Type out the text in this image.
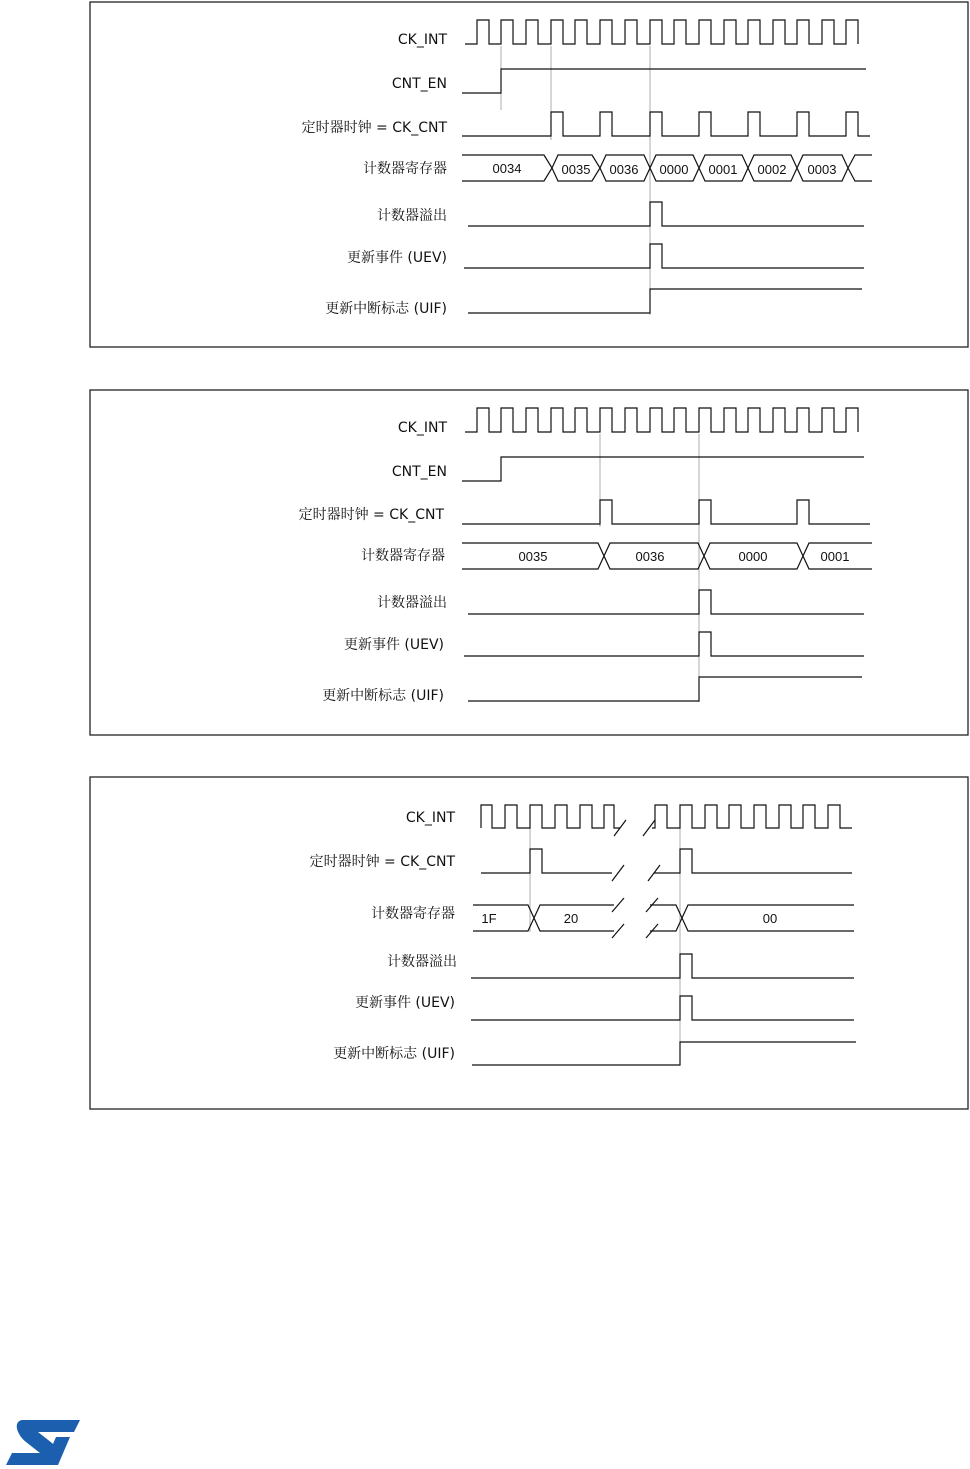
CK_INT
CNT_EN
定时器时钟 = CK_CNT
计数器寄存器
计数器溢出
更新事件 (UEV)
更新中断标志 (UIF)
0034	0035 0036 0000 0001 0002 0003
CK_INT
CNT_EN
定时器时钟 = CK_CNT
计数器寄存器
计数器溢出
更新事件 (UEV)
更新中断标志 (UIF)
0035	0036	0000	0001
CK_INT
定时器时钟 = CK_CNT
计数器寄存器
计数器溢出
更新事件 (UEV)
更新中断标志 (UIF)
1F	20	00
